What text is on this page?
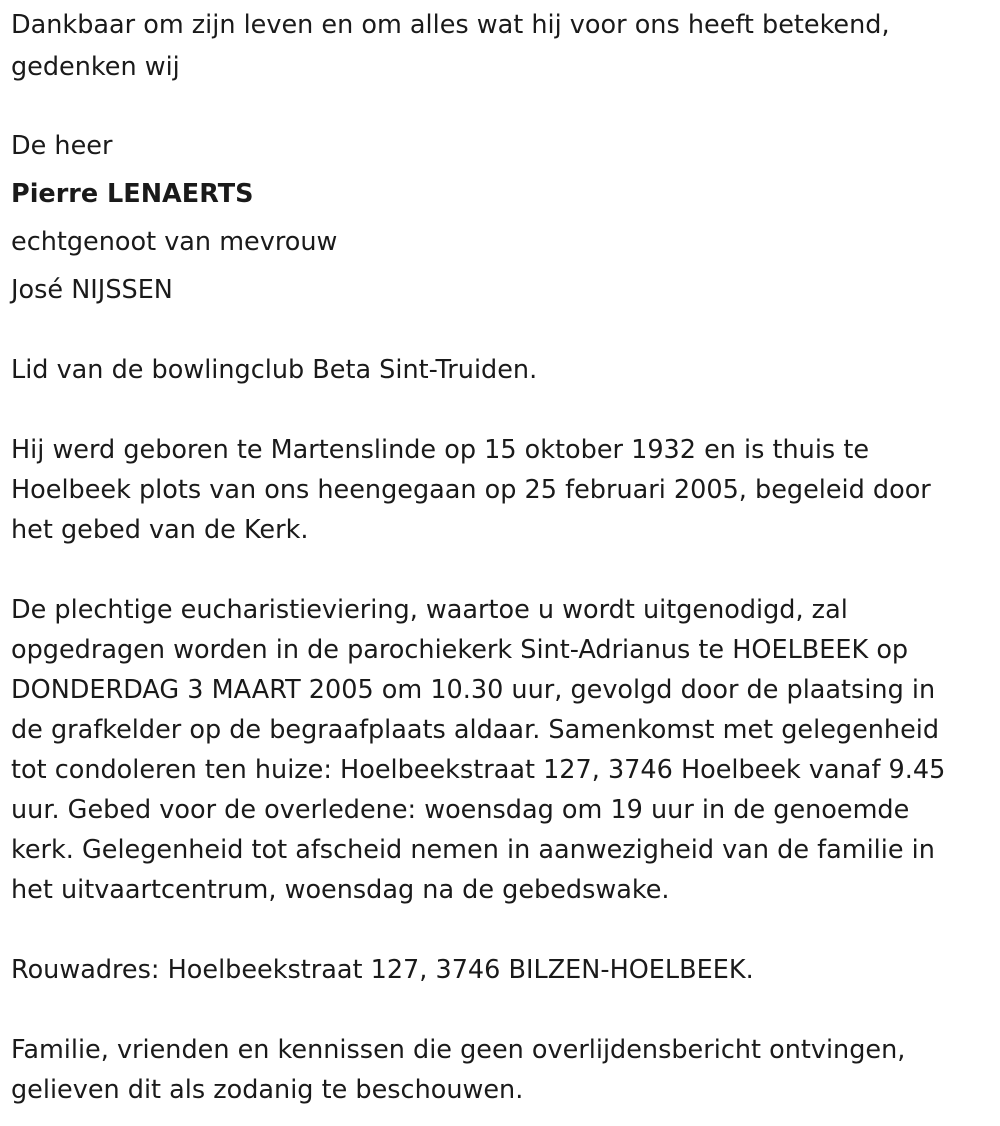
Dankbaar om zijn leven en om alles wat hij voor ons heeft betekend,
gedenken wij
De heer
Pierre LENAERTS
echtgenoot van mevrouw
José NIJSSEN
Lid van de bowlingclub Beta Sint-Truiden.
Hij werd geboren te Martenslinde op 15 oktober 1932 en is thuis te
Hoelbeek plots van ons heengegaan op 25 februari 2005, begeleid door
het gebed van de Kerk.
De plechtige eucharistieviering, waartoe u wordt uitgenodigd, zal
opgedragen worden in de parochiekerk Sint-Adrianus te HOELBEEK op
DONDERDAG 3 MAART 2005 om 10.30 uur, gevolgd door de plaatsing in
de grafkelder op de begraafplaats aldaar. Samenkomst met gelegenheid
tot condoleren ten huize: Hoelbeekstraat 127, 3746 Hoelbeek vanaf 9.45
uur. Gebed voor de overledene: woensdag om 19 uur in de genoemde
kerk. Gelegenheid tot afscheid nemen in aanwezigheid van de familie in
het uitvaartcentrum, woensdag na de gebedswake.
Rouwadres: Hoelbeekstraat 127, 3746 BILZEN-HOELBEEK.
Familie, vrienden en kennissen die geen overlijdensbericht ontvingen,
gelieven dit als zodanig te beschouwen.
